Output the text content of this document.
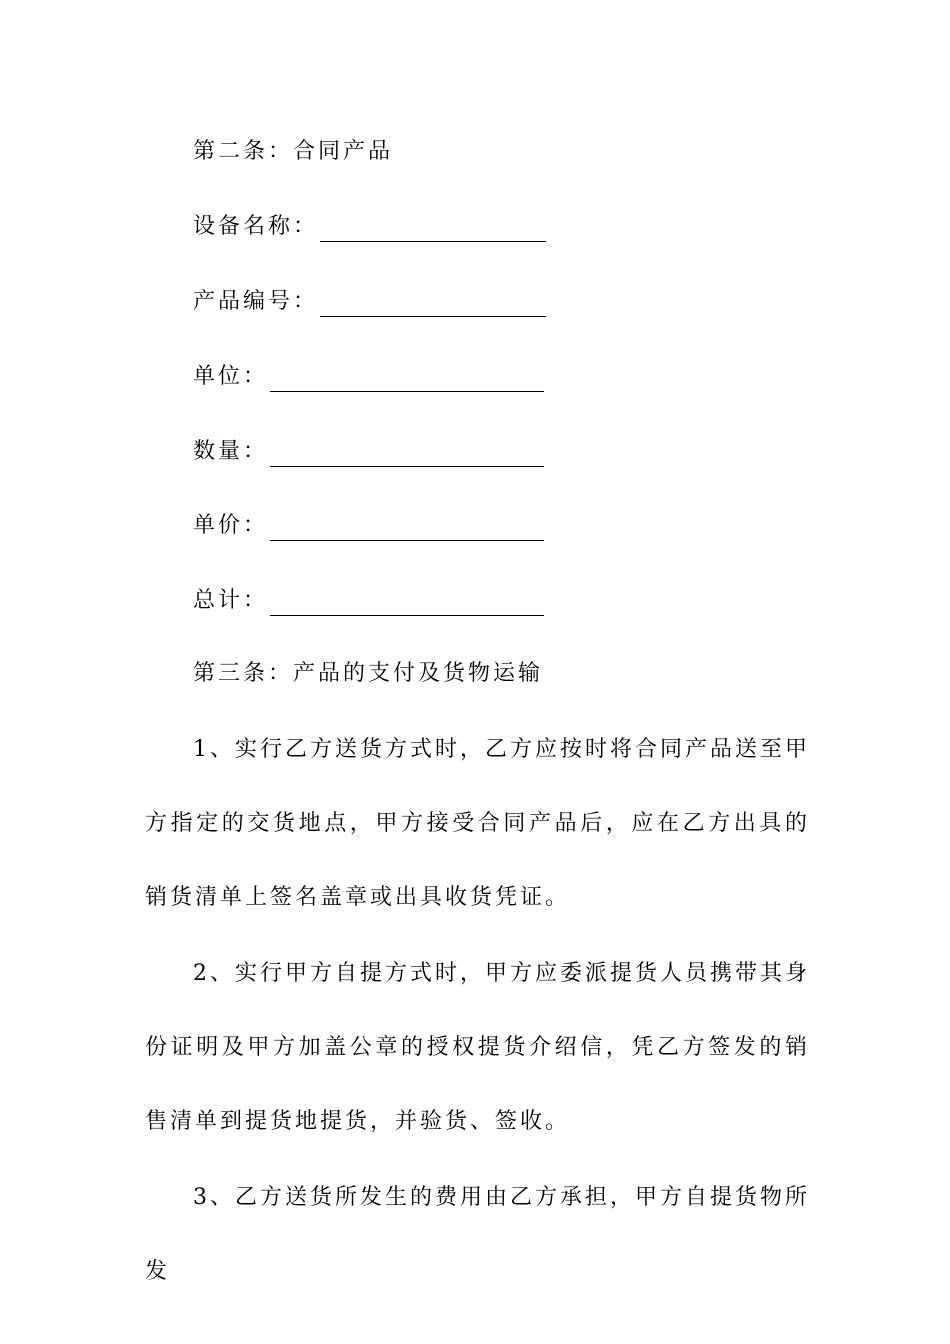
第二条：合同产品
设备名称：
产品编号：
单位：
数量：
单价：
总计：
第三条：产品的支付及货物运输
1、实行乙方送货方式时，乙方应按时将合同产品送至甲方指定的交货地点，甲方接受合同产品后，应在乙方出具的销货清单上签名盖章或出具收货凭证。
2、实行甲方自提方式时，甲方应委派提货人员携带其身份证明及甲方加盖公章的授权提货介绍信，凭乙方签发的销售清单到提货地提货，并验货、签收。
3、乙方送货所发生的费用由乙方承担，甲方自提货物所发
